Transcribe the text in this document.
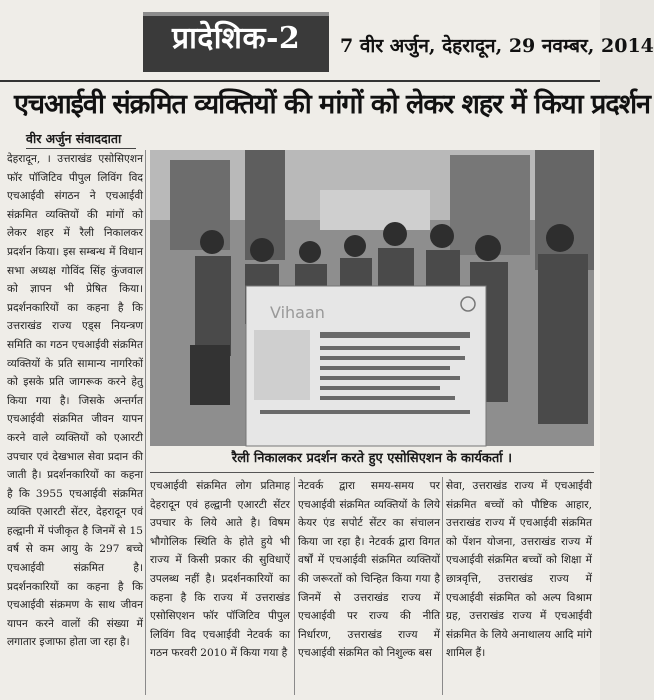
प्रादेशिक-2 7 वीर अर्जुन, देहरादून, 29 नवम्बर, 2014
एचआईवी संक्रमित व्यक्तियों की मांगों को लेकर शहर में किया प्रदर्शन
वीर अर्जुन संवाददाता
देहरादून, । उत्तराखंड एसोसिएशन फॉर पॉजिटिव पीपुल लिविंग विद एचआईवी संगठन ने एचआईवी संक्रमित व्यक्तियों की मांगों को लेकर शहर में रैली निकालकर प्रदर्शन किया। इस सम्बन्ध में विधान सभा अध्यक्ष गोविंद सिंह कुंजवाल को ज्ञापन भी प्रेषित किया। प्रदर्शनकारियों का कहना है कि उत्तराखंड राज्य एड्स नियन्त्रण समिति का गठन एचआईवी संक्रमित व्यक्तियों के प्रति सामान्य नागरिकों को इसके प्रति जागरूक करने हेतु किया गया है। जिसके अन्तर्गत एचआईवी संक्रमित जीवन यापन करने वाले व्यक्तियों को एआरटी उपचार एवं देखभाल सेवा प्रदान की जाती है। प्रदर्शनकारियों का कहना है कि 3955 एचआईवी संक्रमित व्यक्ति एआरटी सेंटर, देहरादून एवं हल्द्वानी में पंजीकृत है जिनमें से 15 वर्ष से कम आयु के 297 बच्चे एचआईवी संक्रमित है। प्रदर्शनकारियों का कहना है कि एचआईवी संक्रमण के साथ जीवन यापन करने वालों की संख्या में लगातार इजाफा होता जा रहा है।
Vihaan
रैली निकालकर प्रदर्शन करते हुए एसोसिएशन के कार्यकर्ता ।
एचआईवी संक्रमित लोग प्रतिमाह देहरादून एवं हल्द्वानी एआरटी सेंटर उपचार के लिये आते है। विषम भौगोलिक स्थिति के होते हुये भी राज्य में किसी प्रकार की सुविधाऐं उपलब्ध नहीं है। प्रदर्शनकारियों का कहना है कि राज्य में उत्तराखंड एसोसिएशन फॉर पॉजिटिव पीपुल लिविंग विद एचआईवी नेटवर्क का गठन फरवरी 2010 में किया गया है
नेटवर्क द्वारा समय-समय पर एचआईवी संक्रमित व्यक्तियों के लिये केयर एंड सपोर्ट सेंटर का संचालन किया जा रहा है। नेटवर्क द्वारा विगत वर्षों में एचआईवी संक्रमित व्यक्तियों की जरूरतों को चिन्हित किया गया है जिनमें से उत्तराखंड राज्य में एचआईवी पर राज्य की नीति निर्धारण, उत्तराखंड राज्य में एचआईवी संक्रमित को निशुल्क बस
सेवा, उत्तराखंड राज्य में एचआईवी संक्रमित बच्चों को पौष्टिक आहार, उत्तराखंड राज्य में एचआईवी संक्रमित को पेंशन योजना, उत्तराखंड राज्य में एचआईवी संक्रमित बच्चों को शिक्षा में छात्रवृत्ति, उत्तराखंड राज्य में एचआईवी संक्रमित को अल्प विश्राम ग्रह, उत्तराखंड राज्य में एचआईवी संक्रमित के लिये अनाथालय आदि मांगे शामिल हैं।
